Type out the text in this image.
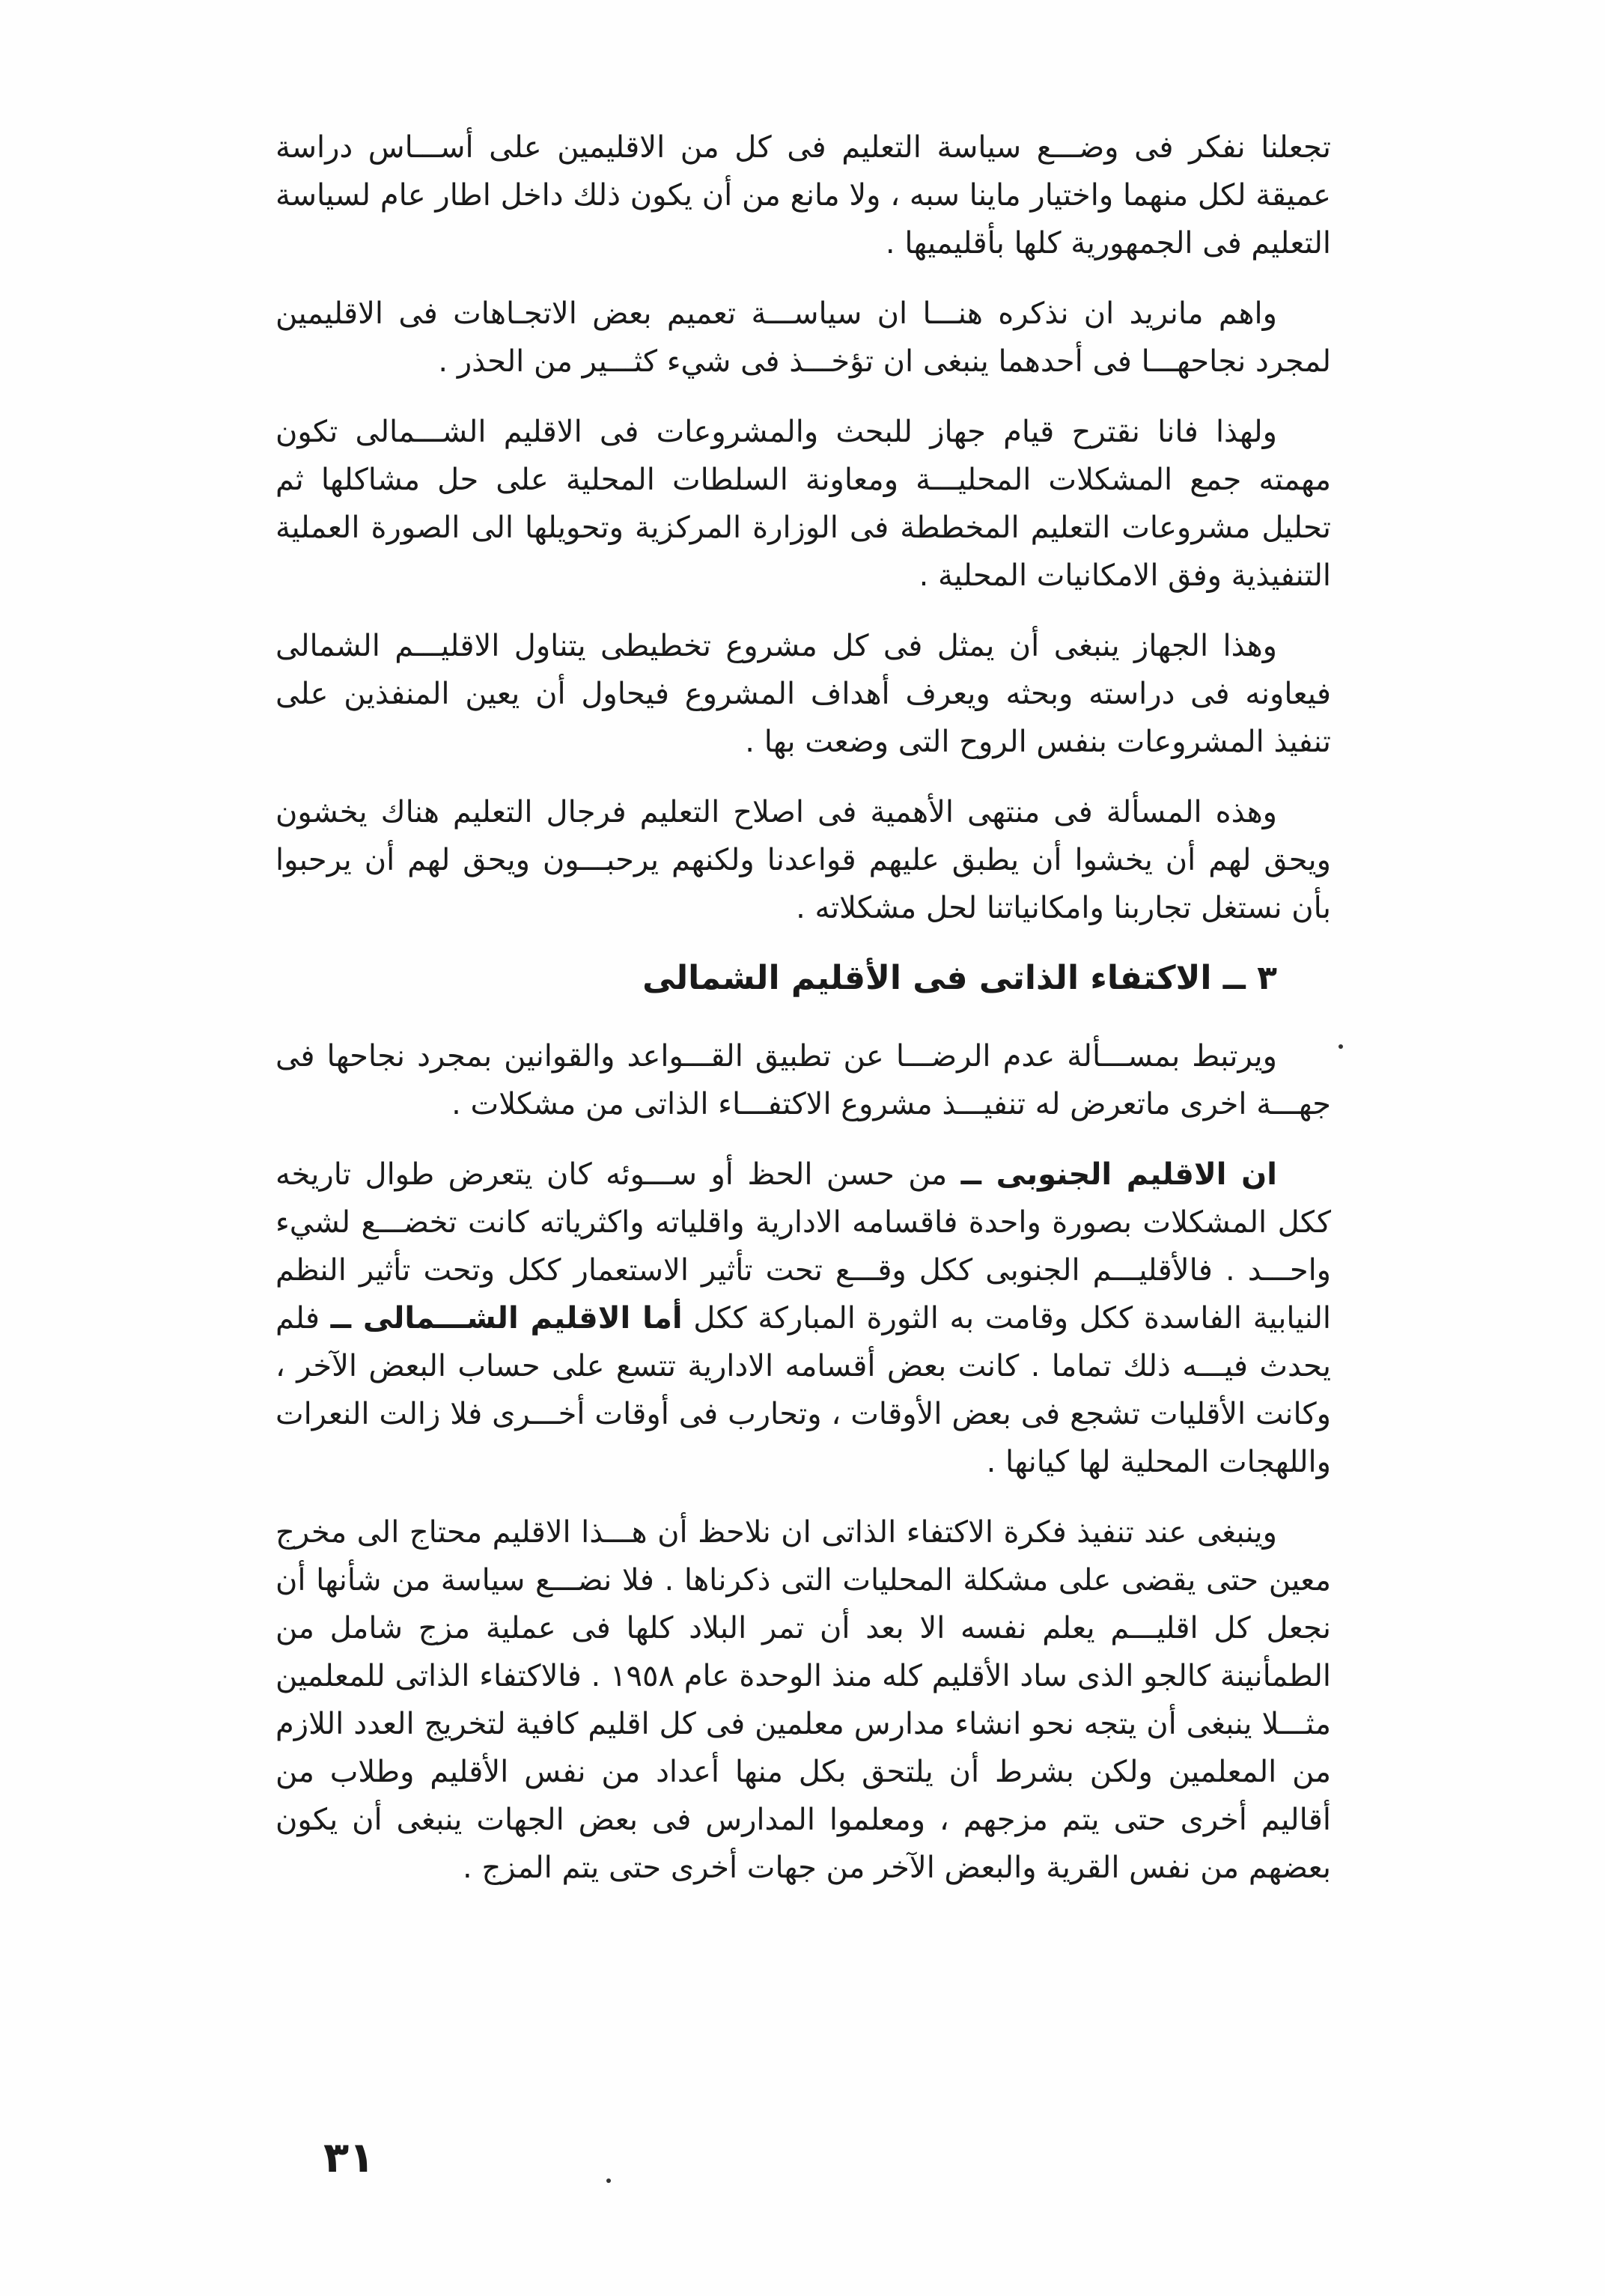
تجعلنا نفكر فى وضـــع سياسة التعليم فى كل من الاقليمين على أســـاس دراسة عميقة لكل منهما واختيار ماينا سبه ، ولا مانع من أن يكون ذلك داخل اطار عام لسياسة التعليم فى الجمهورية كلها بأقليميها .

واهم مانريد ان نذكره هنـــا ان سياســـة تعميم بعض الاتجـاهات فى الاقليمين لمجرد نجاحهـــا فى أحدهما ينبغى ان تؤخـــذ فى شيء كثـــير من الحذر .

ولهذا فانا نقترح قيام جهاز للبحث والمشروعات فى الاقليم الشـــمالى تكون مهمته جمع المشكلات المحليـــة ومعاونة السلطات المحلية على حل مشاكلها ثم تحليل مشروعات التعليم المخططة فى الوزارة المركزية وتحويلها الى الصورة العملية التنفيذية وفق الامكانيات المحلية .

وهذا الجهاز ينبغى أن يمثل فى كل مشروع تخطيطى يتناول الاقليـــم الشمالى فيعاونه فى دراسته وبحثه ويعرف أهداف المشروع فيحاول أن يعين المنفذين على تنفيذ المشروعات بنفس الروح التى وضعت بها .

وهذه المسألة فى منتهى الأهمية فى اصلاح التعليم فرجال التعليم هناك يخشون ويحق لهم أن يخشوا أن يطبق عليهم قواعدنا ولكنهم يرحبـــون ويحق لهم أن يرحبوا بأن نستغل تجاربنا وامكانياتنا لحل مشكلاته .

٣ ــ الاكتفاء الذاتى فى الأقليم الشمالى

ويرتبط بمســـألة عدم الرضـــا عن تطبيق القـــواعد والقوانين بمجرد نجاحها فى جهـــة اخرى ماتعرض له تنفيـــذ مشروع الاكتفـــاء الذاتى من مشكلات .

ان الاقليم الجنوبى ــ من حسن الحظ أو ســـوئه كان يتعرض طوال تاريخه ككل المشكلات بصورة واحدة فاقسامه الادارية واقلياته واكثرياته كانت تخضـــع لشيء واحـــد . فالأقليـــم الجنوبى ككل وقـــع تحت تأثير الاستعمار ككل وتحت تأثير النظم النيابية الفاسدة ككل وقامت به الثورة المباركة ككل أما الاقليم الشـــمالى ــ فلم يحدث فيـــه ذلك تماما . كانت بعض أقسامه الادارية تتسع على حساب البعض الآخر ، وكانت الأقليات تشجع فى بعض الأوقات ، وتحارب فى أوقات أخـــرى فلا زالت النعرات واللهجات المحلية لها كيانها .

وينبغى عند تنفيذ فكرة الاكتفاء الذاتى ان نلاحظ أن هـــذا الاقليم محتاج الى مخرج معين حتى يقضى على مشكلة المحليات التى ذكرناها . فلا نضـــع سياسة من شأنها أن نجعل كل اقليـــم يعلم نفسه الا بعد أن تمر البلاد كلها فى عملية مزج شامل من الطمأنينة كالجو الذى ساد الأقليم كله منذ الوحدة عام ١٩٥٨ . فالاكتفاء الذاتى للمعلمين مثـــلا ينبغى أن يتجه نحو انشاء مدارس معلمين فى كل اقليم كافية لتخريج العدد اللازم من المعلمين ولكن بشرط أن يلتحق بكل منها أعداد من نفس الأقليم وطلاب من أقاليم أخرى حتى يتم مزجهم ، ومعلموا المدارس فى بعض الجهات ينبغى أن يكون بعضهم من نفس القرية والبعض الآخر من جهات أخرى حتى يتم المزج .

٣١
